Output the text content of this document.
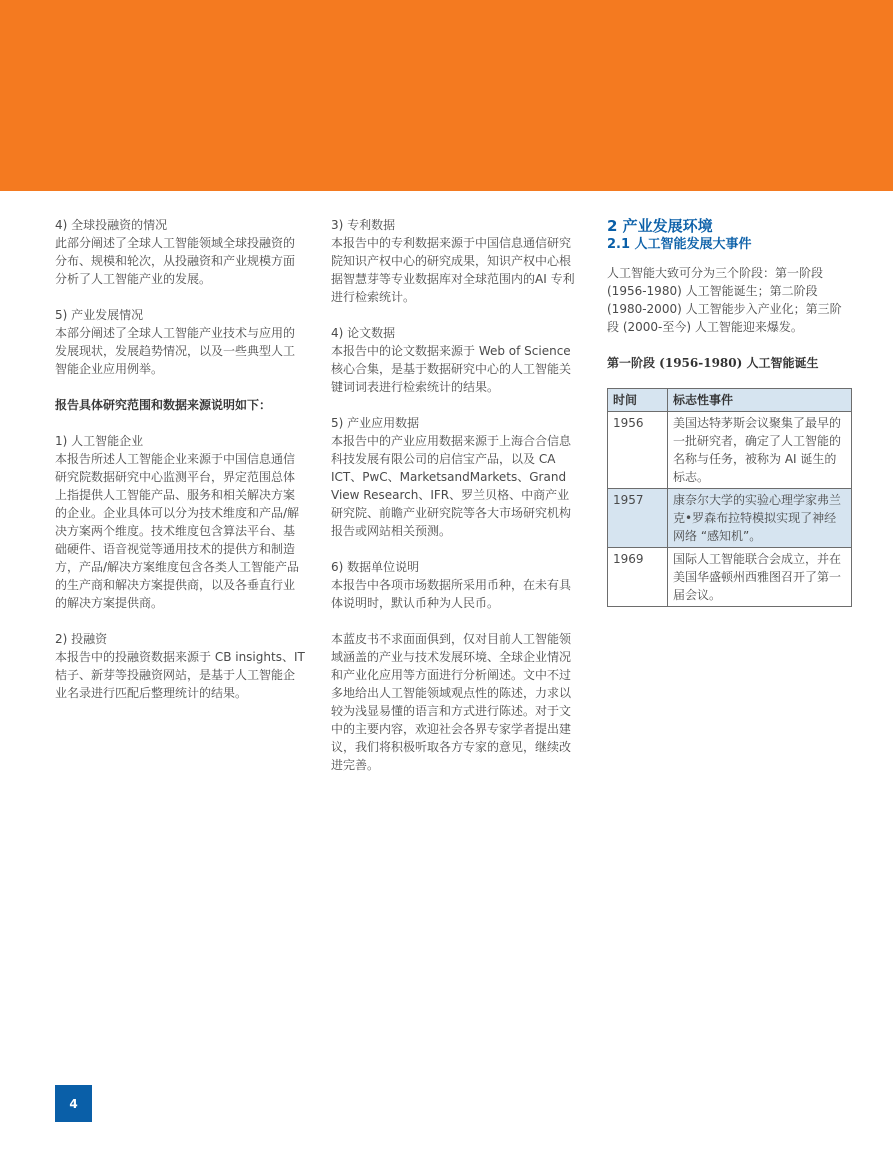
4) 全球投融资的情况

此部分阐述了全球人工智能领域全球投融资的分布、规模和轮次，从投融资和产业规模方面分析了人工智能产业的发展。

5) 产业发展情况

本部分阐述了全球人工智能产业技术与应用的发展现状，发展趋势情况，以及一些典型人工智能企业应用例举。

报告具体研究范围和数据来源说明如下：

1) 人工智能企业

本报告所述人工智能企业来源于中国信息通信研究院数据研究中心监测平台，界定范围总体上指提供人工智能产品、服务和相关解决方案的企业。企业具体可以分为技术维度和产品/解决方案两个维度。技术维度包含算法平台、基础硬件、语音视觉等通用技术的提供方和制造方，产品/解决方案维度包含各类人工智能产品的生产商和解决方案提供商，以及各垂直行业的解决方案提供商。

2) 投融资

本报告中的投融资数据来源于 CB insights、IT桔子、新芽等投融资网站，是基于人工智能企业名录进行匹配后整理统计的结果。

3) 专利数据

本报告中的专利数据来源于中国信息通信研究院知识产权中心的研究成果，知识产权中心根据智慧芽等专业数据库对全球范围内的AI 专利进行检索统计。

4) 论文数据

本报告中的论文数据来源于 Web of Science 核心合集，是基于数据研究中心的人工智能关键词词表进行检索统计的结果。

5) 产业应用数据

本报告中的产业应用数据来源于上海合合信息科技发展有限公司的启信宝产品，以及 CA ICT、PwC、MarketsandMarkets、Grand View Research、IFR、罗兰贝格、中商产业研究院、前瞻产业研究院等各大市场研究机构报告或网站相关预测。

6) 数据单位说明

本报告中各项市场数据所采用币种，在未有具体说明时，默认币种为人民币。

本蓝皮书不求面面俱到，仅对目前人工智能领域涵盖的产业与技术发展环境、全球企业情况和产业化应用等方面进行分析阐述。文中不过多地给出人工智能领域观点性的陈述，力求以较为浅显易懂的语言和方式进行陈述。对于文中的主要内容，欢迎社会各界专家学者提出建议，我们将积极听取各方专家的意见，继续改进完善。

2 产业发展环境
2.1 人工智能发展大事件

人工智能大致可分为三个阶段：第一阶段 (1956-1980) 人工智能诞生；第二阶段 (1980-2000) 人工智能步入产业化；第三阶段 (2000-至今) 人工智能迎来爆发。

第一阶段 (1956-1980) 人工智能诞生

时间	标志性事件
1956	美国达特茅斯会议聚集了最早的一批研究者，确定了人工智能的名称与任务，被称为 AI 诞生的标志。
1957	康奈尔大学的实验心理学家弗兰克•罗森布拉特模拟实现了神经网络 “感知机”。
1969	国际人工智能联合会成立，并在美国华盛顿州西雅图召开了第一届会议。
4
